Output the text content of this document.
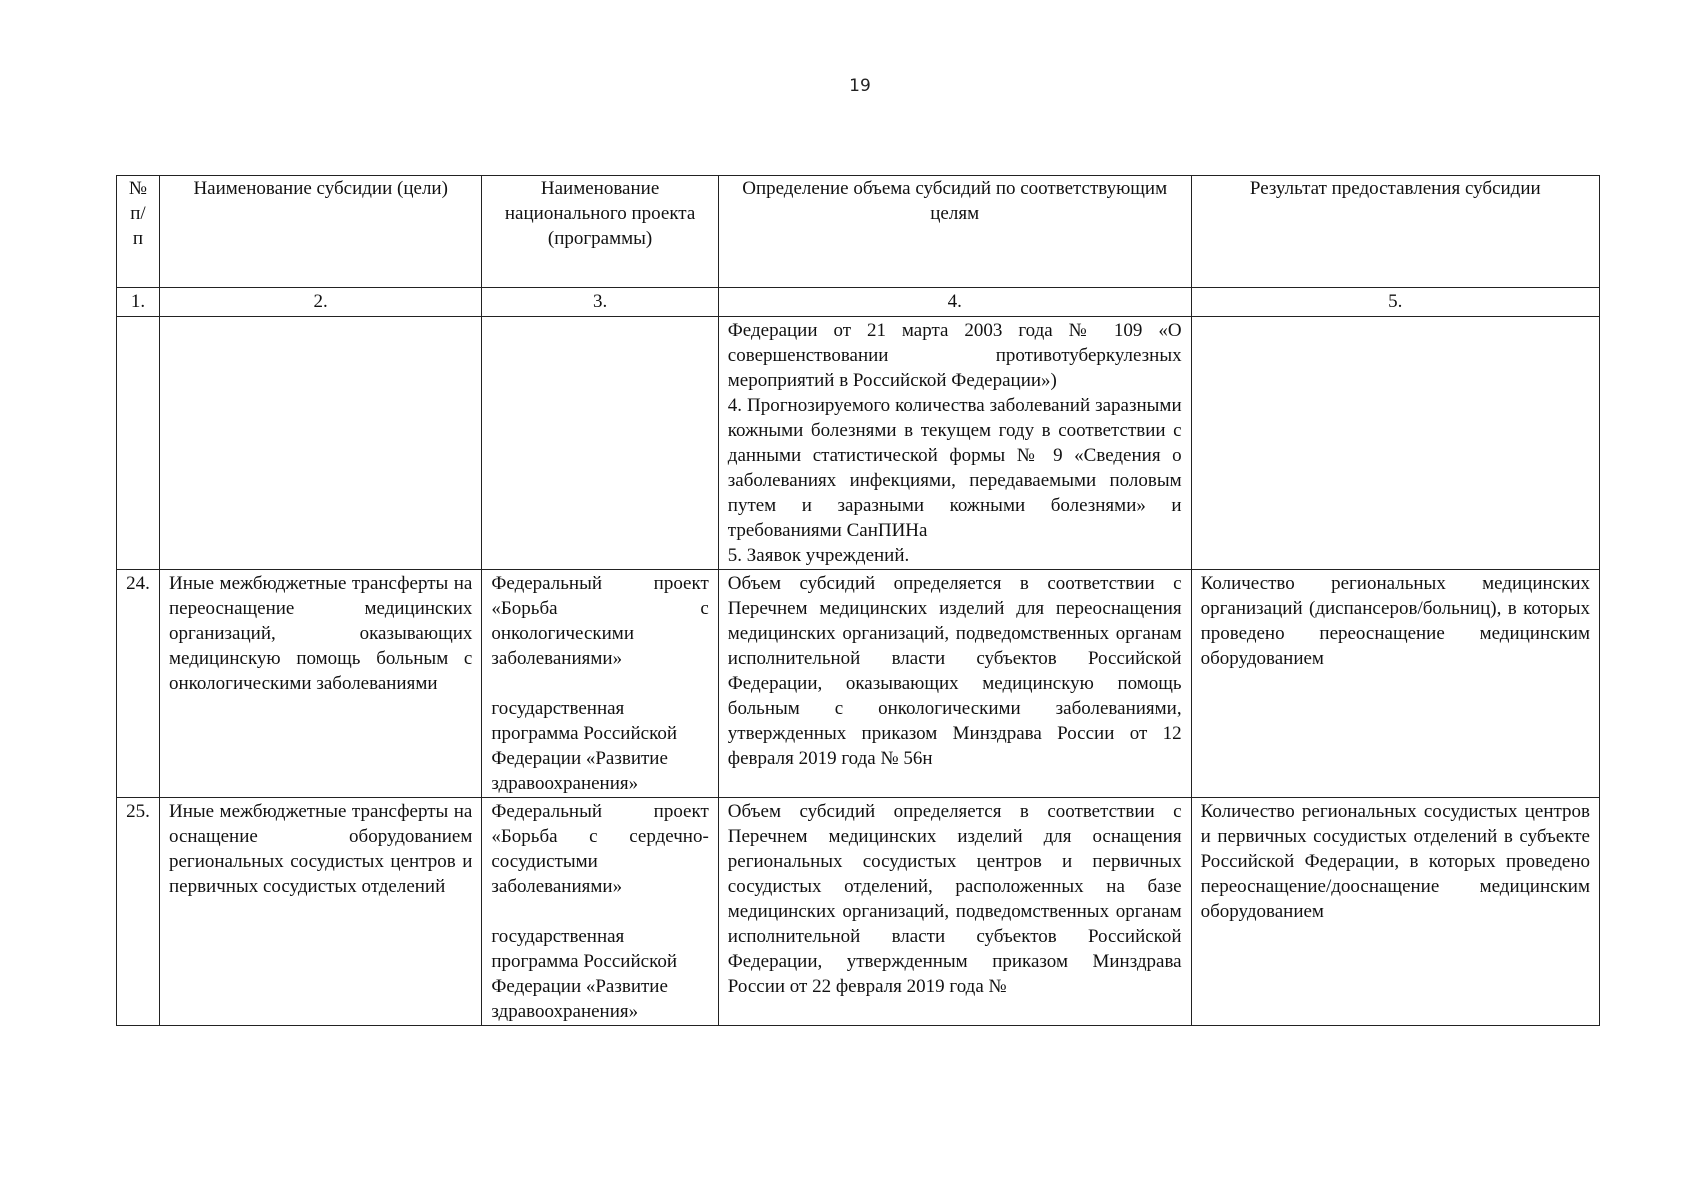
19
№ п/п	Наименование субсидии (цели)	Наименование национального проекта (программы)	Определение объема субсидий по соответствующим целям	Результат предоставления субсидии
1.	2.	3.	4.	5.
			Федерации от 21 марта 2003 года № 109 «О совершенствовании противотуберкулезных мероприятий в Российской Федерации»)
4. Прогнозируемого количества заболеваний заразными кожными болезнями в текущем году в соответствии с данными статистической формы № 9 «Сведения о заболеваниях инфекциями, передаваемыми половым путем и заразными кожными болезнями» и требованиями СанПИНа
5. Заявок учреждений.	
24.	Иные межбюджетные трансферты на переоснащение медицинских организаций, оказывающих медицинскую помощь больным с онкологическими заболеваниями	Федеральный проект «Борьба с онкологическими заболеваниями»
государственная программа Российской Федерации «Развитие здравоохранения»	Объем субсидий определяется в соответствии с Перечнем медицинских изделий для переоснащения медицинских организаций, подведомственных органам исполнительной власти субъектов Российской Федерации, оказывающих медицинскую помощь больным с онкологическими заболеваниями, утвержденных приказом Минздрава России от 12 февраля 2019 года № 56н	Количество региональных медицинских организаций (диспансеров/больниц), в которых проведено переоснащение медицинским оборудованием
25.	Иные межбюджетные трансферты на оснащение оборудованием региональных сосудистых центров и первичных сосудистых отделений	Федеральный проект «Борьба с сердечно-сосудистыми заболеваниями»
государственная программа Российской Федерации «Развитие здравоохранения»	Объем субсидий определяется в соответствии с Перечнем медицинских изделий для оснащения региональных сосудистых центров и первичных сосудистых отделений, расположенных на базе медицинских организаций, подведомственных органам исполнительной власти субъектов Российской Федерации, утвержденным приказом Минздрава России от 22 февраля 2019 года №	Количество региональных сосудистых центров и первичных сосудистых отделений в субъекте Российской Федерации, в которых проведено переоснащение/дооснащение медицинским оборудованием
